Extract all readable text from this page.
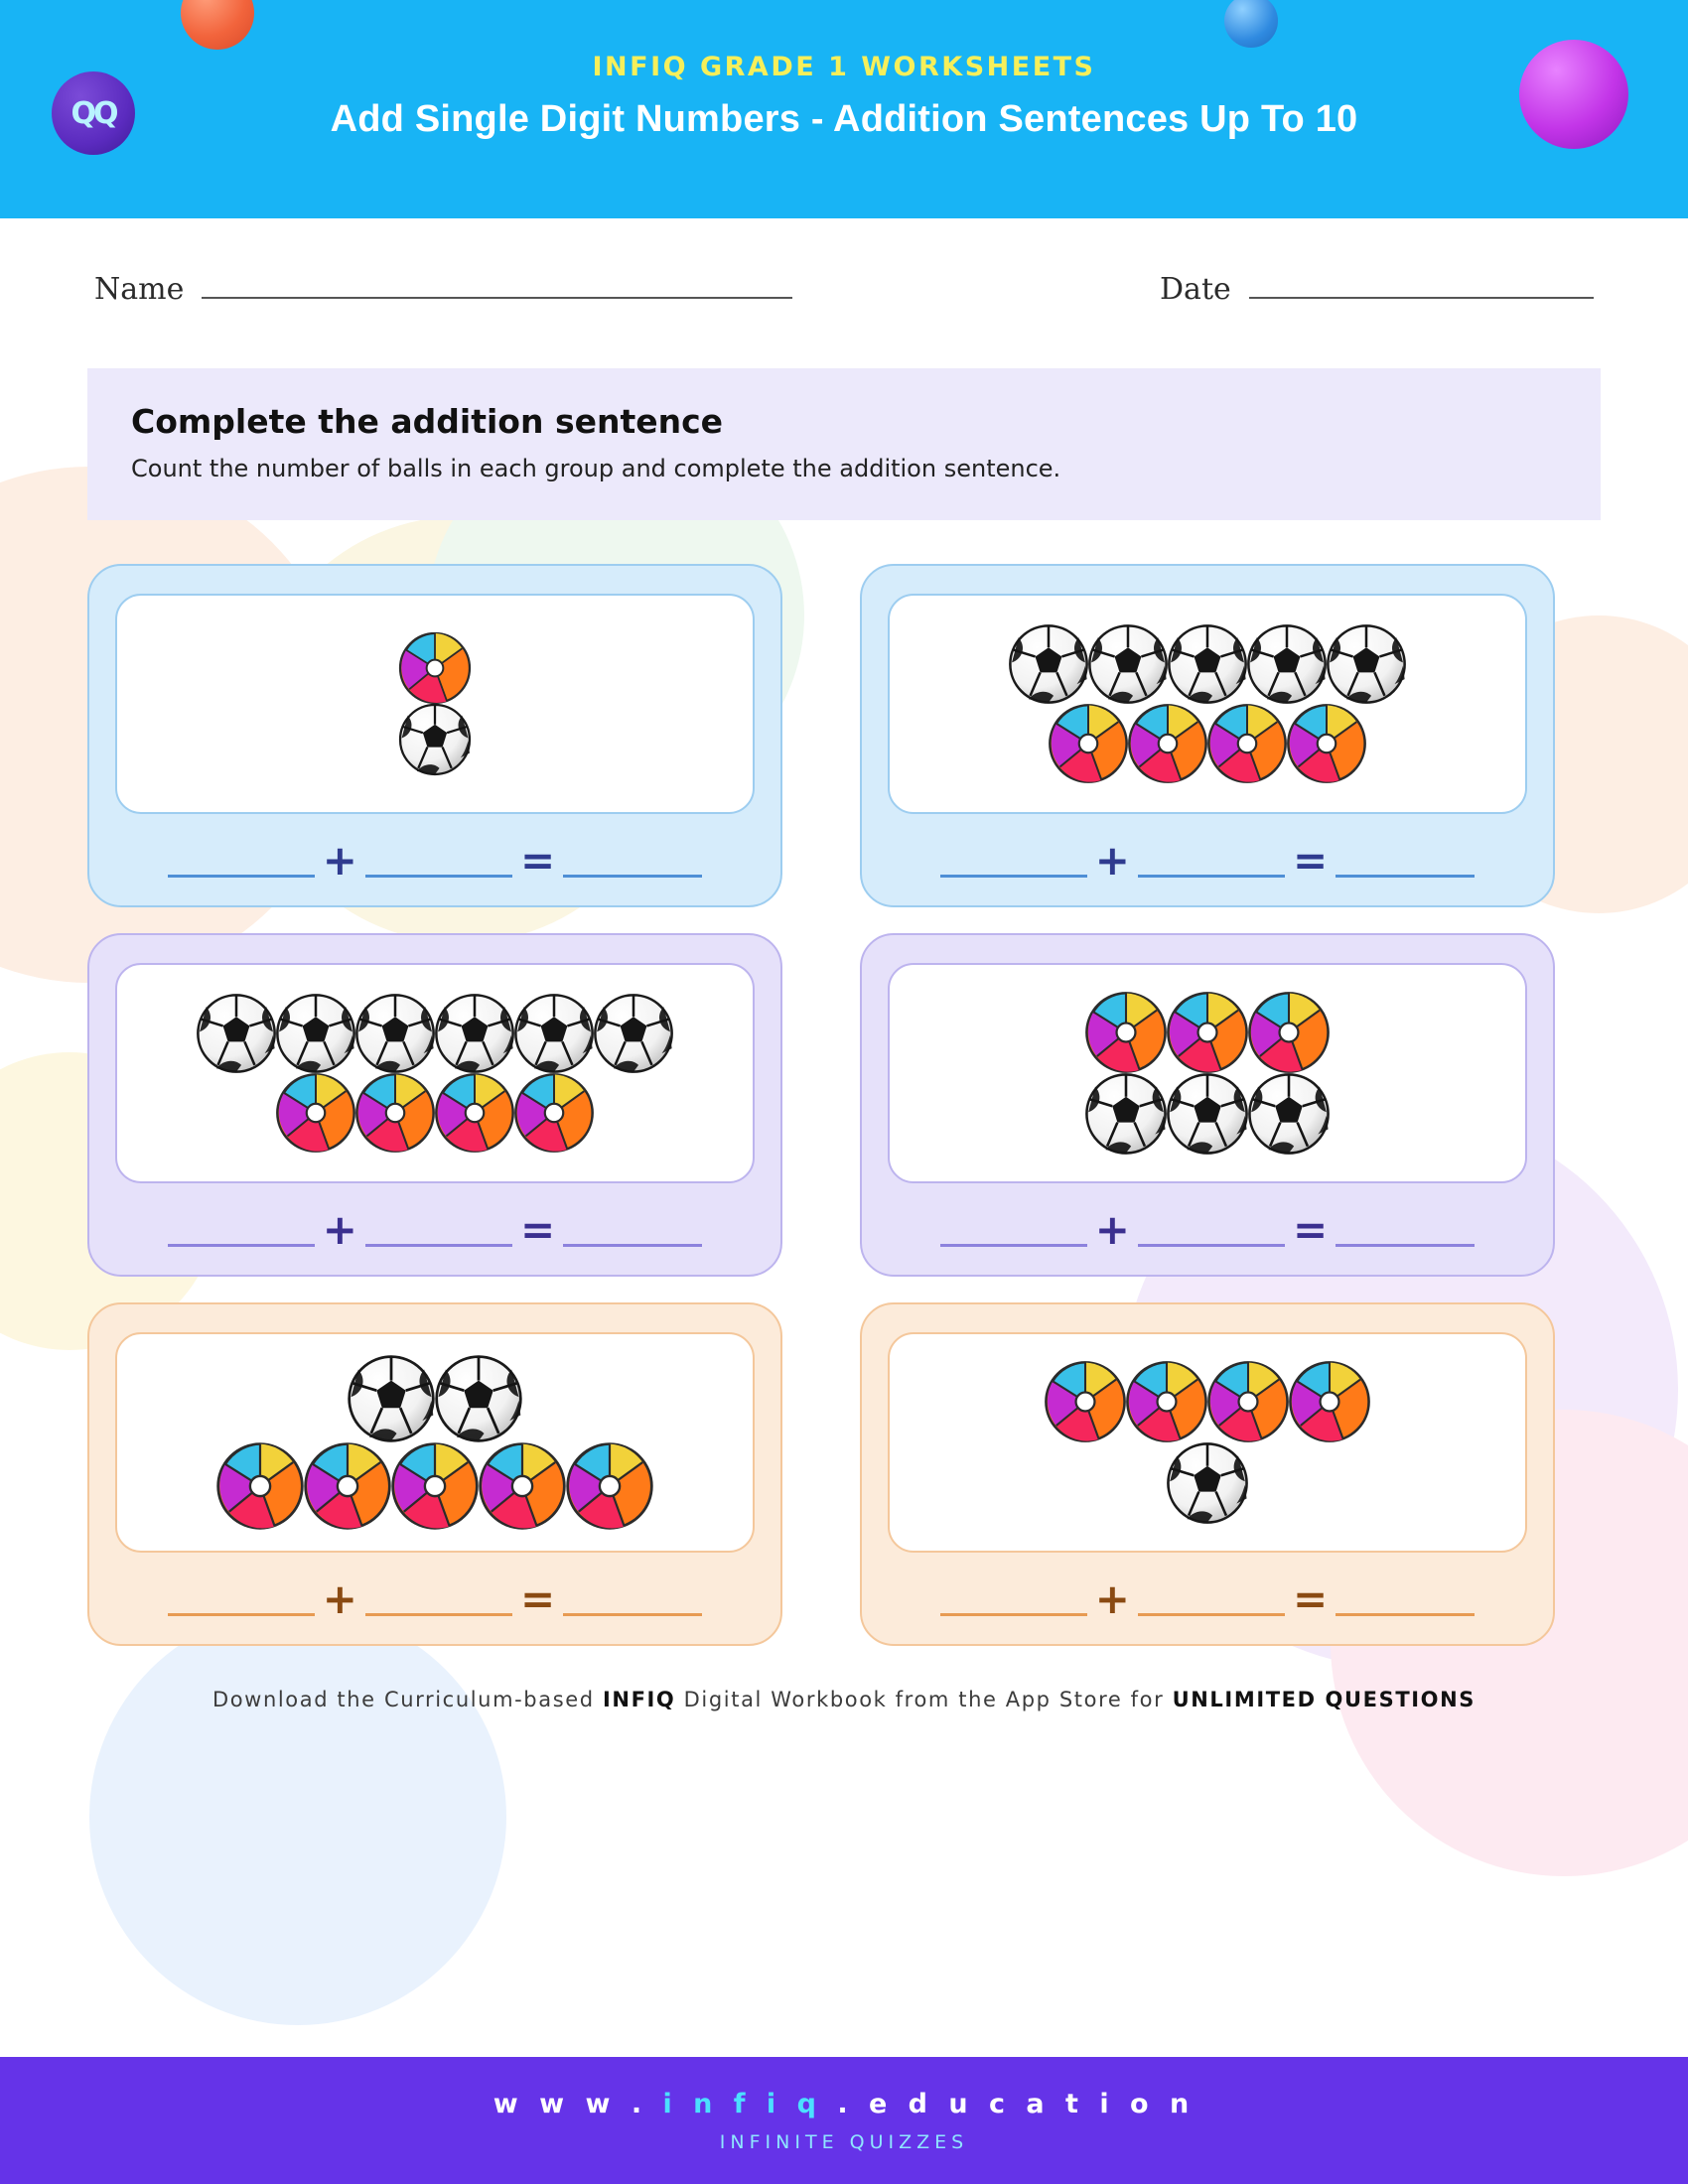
QQ
INFIQ GRADE 1 WORKSHEETS
Add Single Digit Numbers - Addition Sentences Up To 10
Name	Date
Complete the addition sentence

Count the number of balls in each group and complete the addition sentence.

+	=	+	=
+	=	+	=
+	=	+	=
Download the Curriculum-based INFIQ Digital Workbook from the App Store for UNLIMITED QUESTIONS
w w w . i n f i q . e d u c a t i o n
INFINITE QUIZZES
